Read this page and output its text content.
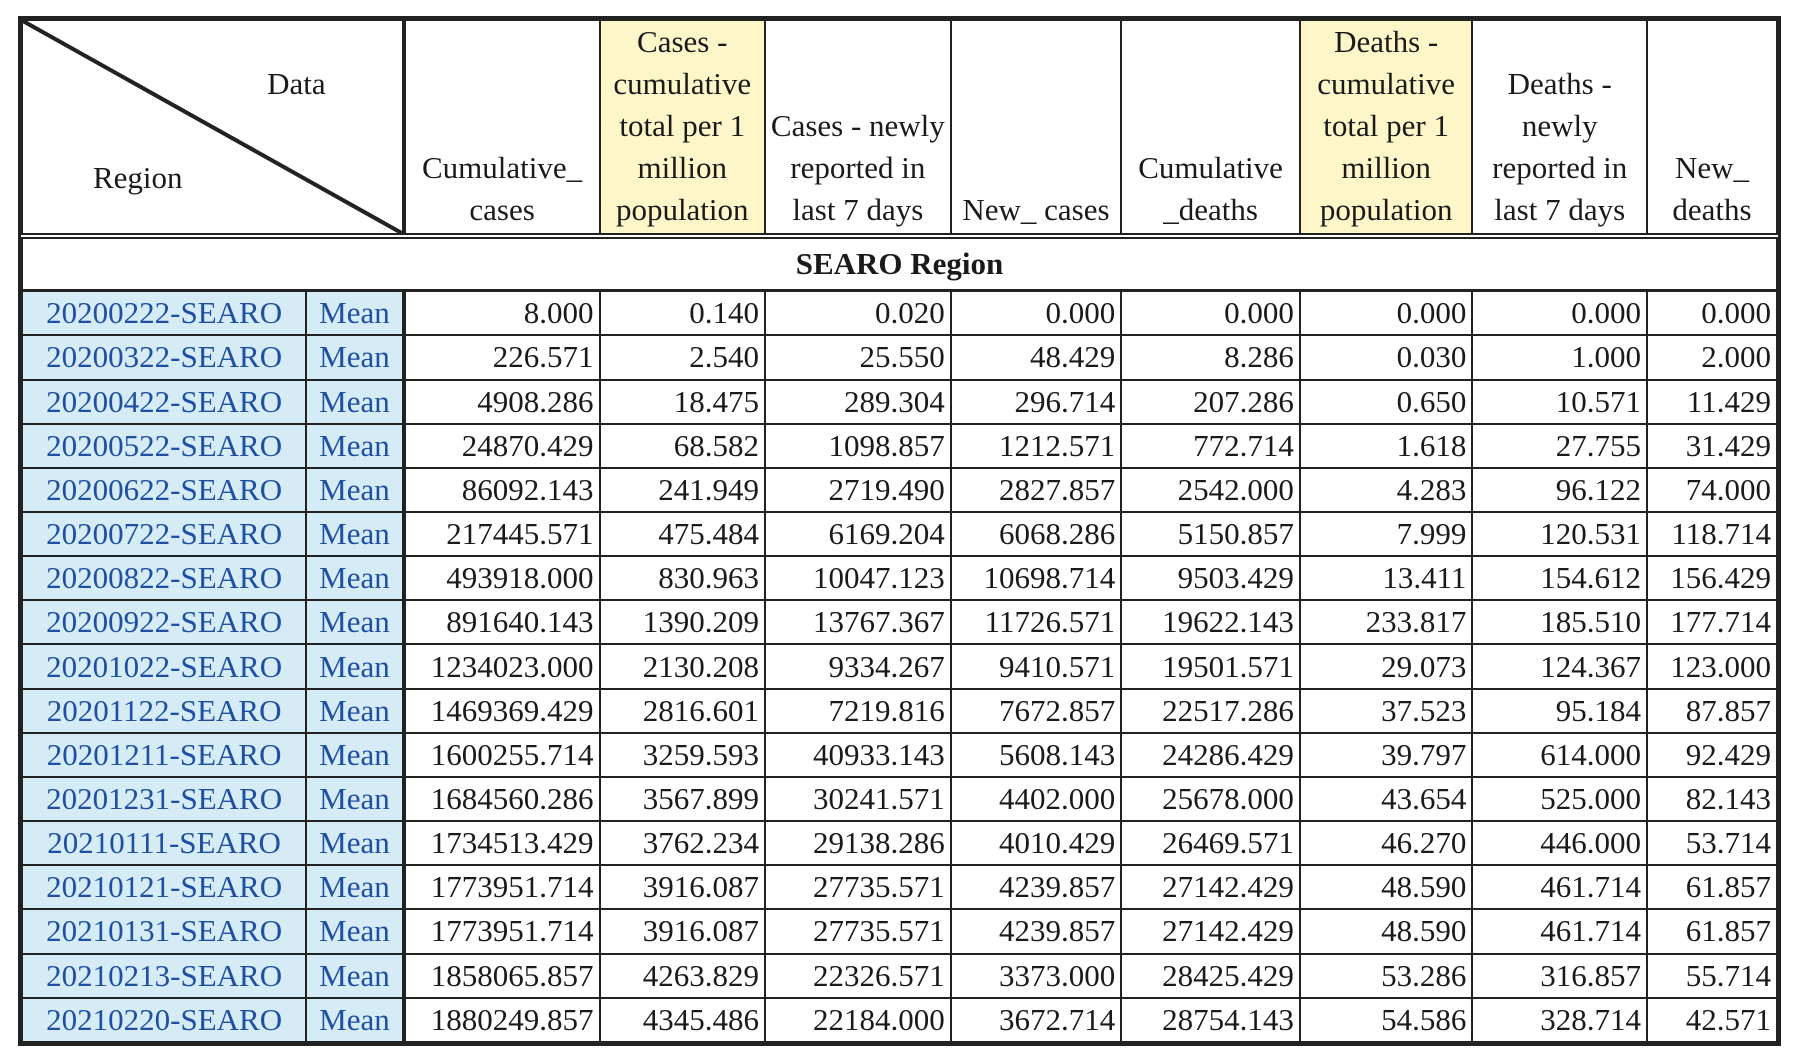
Data
Region		Cumulative_ cases	Cases - cumulative total per 1 million population	Cases - newly reported in last 7 days	New_ cases	Cumulative _deaths	Deaths - cumulative total per 1 million population	Deaths - newly reported in last 7 days	New_ deaths
SEARO Region									
20200222-SEARO	Mean	8.000	0.140	0.020	0.000	0.000	0.000	0.000	0.000
20200322-SEARO	Mean	226.571	2.540	25.550	48.429	8.286	0.030	1.000	2.000
20200422-SEARO	Mean	4908.286	18.475	289.304	296.714	207.286	0.650	10.571	11.429
20200522-SEARO	Mean	24870.429	68.582	1098.857	1212.571	772.714	1.618	27.755	31.429
20200622-SEARO	Mean	86092.143	241.949	2719.490	2827.857	2542.000	4.283	96.122	74.000
20200722-SEARO	Mean	217445.571	475.484	6169.204	6068.286	5150.857	7.999	120.531	118.714
20200822-SEARO	Mean	493918.000	830.963	10047.123	10698.714	9503.429	13.411	154.612	156.429
20200922-SEARO	Mean	891640.143	1390.209	13767.367	11726.571	19622.143	233.817	185.510	177.714
20201022-SEARO	Mean	1234023.000	2130.208	9334.267	9410.571	19501.571	29.073	124.367	123.000
20201122-SEARO	Mean	1469369.429	2816.601	7219.816	7672.857	22517.286	37.523	95.184	87.857
20201211-SEARO	Mean	1600255.714	3259.593	40933.143	5608.143	24286.429	39.797	614.000	92.429
20201231-SEARO	Mean	1684560.286	3567.899	30241.571	4402.000	25678.000	43.654	525.000	82.143
20210111-SEARO	Mean	1734513.429	3762.234	29138.286	4010.429	26469.571	46.270	446.000	53.714
20210121-SEARO	Mean	1773951.714	3916.087	27735.571	4239.857	27142.429	48.590	461.714	61.857
20210131-SEARO	Mean	1773951.714	3916.087	27735.571	4239.857	27142.429	48.590	461.714	61.857
20210213-SEARO	Mean	1858065.857	4263.829	22326.571	3373.000	28425.429	53.286	316.857	55.714
20210220-SEARO	Mean	1880249.857	4345.486	22184.000	3672.714	28754.143	54.586	328.714	42.571
